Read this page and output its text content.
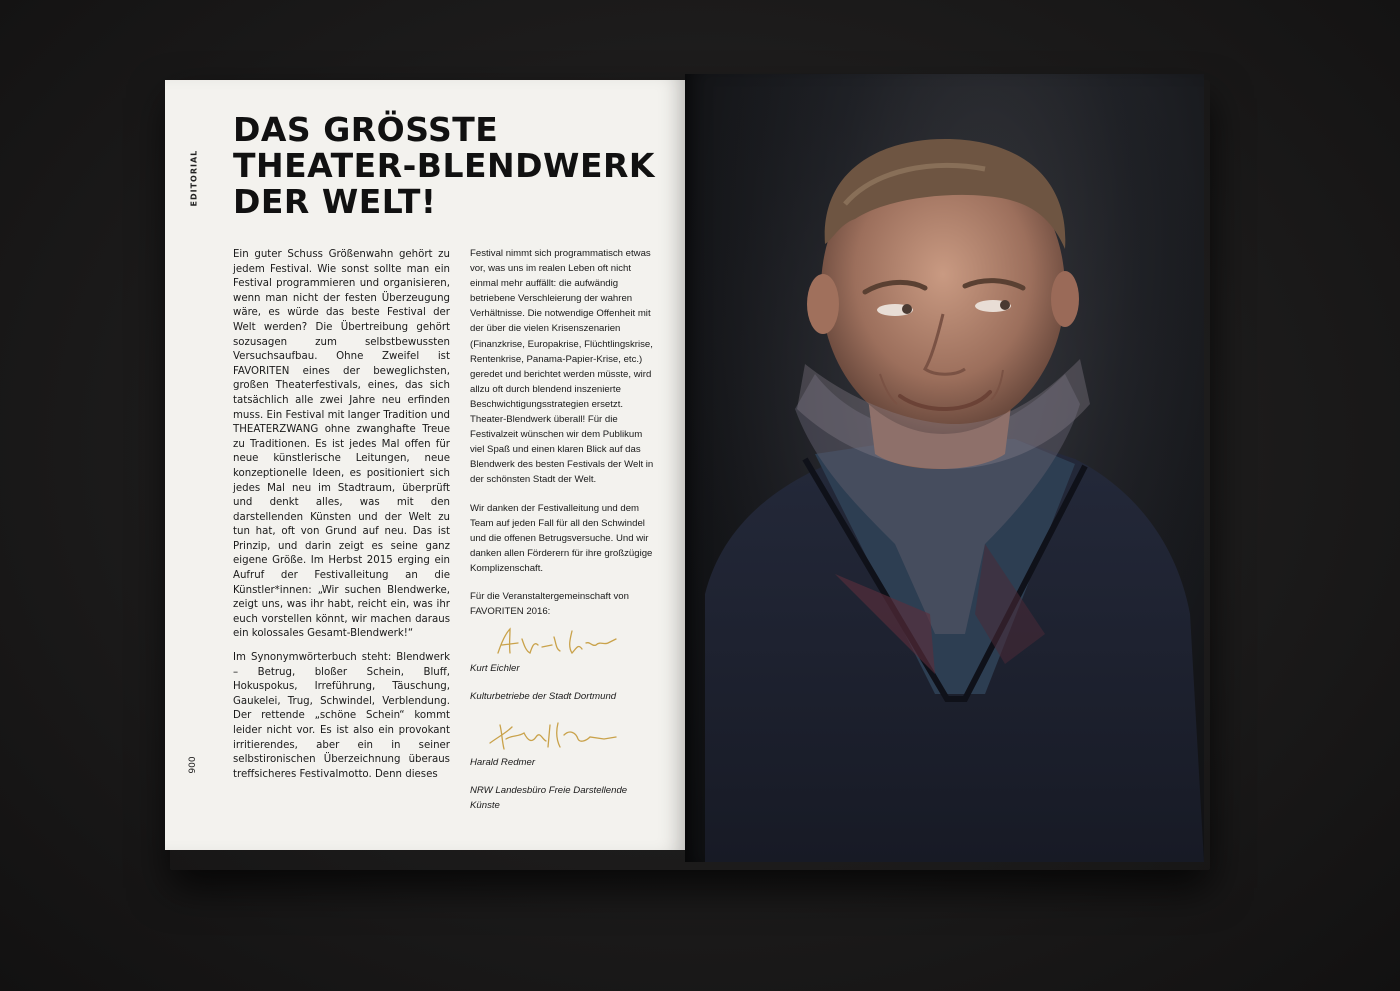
EDITORIAL
DAS GRÖSSTE
THEATER-BLENDWERK
DER WELT!

Ein guter Schuss Größenwahn gehört zu jedem Festival. Wie sonst sollte man ein Festival programmieren und organisieren, wenn man nicht der festen Überzeugung wäre, es würde das beste Festival der Welt werden? Die Übertreibung gehört sozusagen zum selbstbewussten Versuchsaufbau. Ohne Zweifel ist FAVORITEN eines der beweglichsten, großen Theaterfestivals, eines, das sich tatsächlich alle zwei Jahre neu erfinden muss. Ein Festival mit langer Tradition und THEATERZWANG ohne zwanghafte Treue zu Traditionen. Es ist jedes Mal offen für neue künstlerische Leitungen, neue konzeptionelle Ideen, es positioniert sich jedes Mal neu im Stadtraum, überprüft und denkt alles, was mit den darstellenden Künsten und der Welt zu tun hat, oft von Grund auf neu. Das ist Prinzip, und darin zeigt es seine ganz eigene Größe. Im Herbst 2015 erging ein Aufruf der Festivalleitung an die Künstler*innen: „Wir suchen Blendwerke, zeigt uns, was ihr habt, reicht ein, was ihr euch vorstellen könnt, wir machen daraus ein kolossales Gesamt-Blendwerk!“

Im Synonymwörterbuch steht: Blendwerk – Betrug, bloßer Schein, Bluff, Hokuspokus, Irreführung, Täuschung, Gaukelei, Trug, Schwindel, Verblendung. Der rettende „schöne Schein“ kommt leider nicht vor. Es ist also ein provokant irritierendes, aber ein in seiner selbstironischen Überzeichnung überaus treffsicheres Festivalmotto. Denn dieses

Festival nimmt sich programmatisch etwas vor, was uns im realen Leben oft nicht einmal mehr auffällt: die aufwändig betriebene Verschleierung der wahren Verhältnisse. Die notwendige Offenheit mit der über die vielen Krisenszenarien (Finanzkrise, Europakrise, Flüchtlingskrise, Rentenkrise, Panama-Papier-Krise, etc.) geredet und berichtet werden müsste, wird allzu oft durch blendend inszenierte Beschwichtigungsstrategien ersetzt. Theater-Blendwerk überall! Für die Festivalzeit wünschen wir dem Publikum viel Spaß und einen klaren Blick auf das Blendwerk des besten Festivals der Welt in der schönsten Stadt der Welt.

Wir danken der Festivalleitung und dem Team auf jeden Fall für all den Schwindel und die offenen Betrugsversuche. Und wir danken allen Förderern für ihre großzügige Komplizenschaft.

Für die Veranstaltergemeinschaft von FAVORITEN 2016:

Kurt Eichler

Kulturbetriebe der Stadt Dortmund

Harald Redmer

NRW Landesbüro Freie Darstellende Künste

006
